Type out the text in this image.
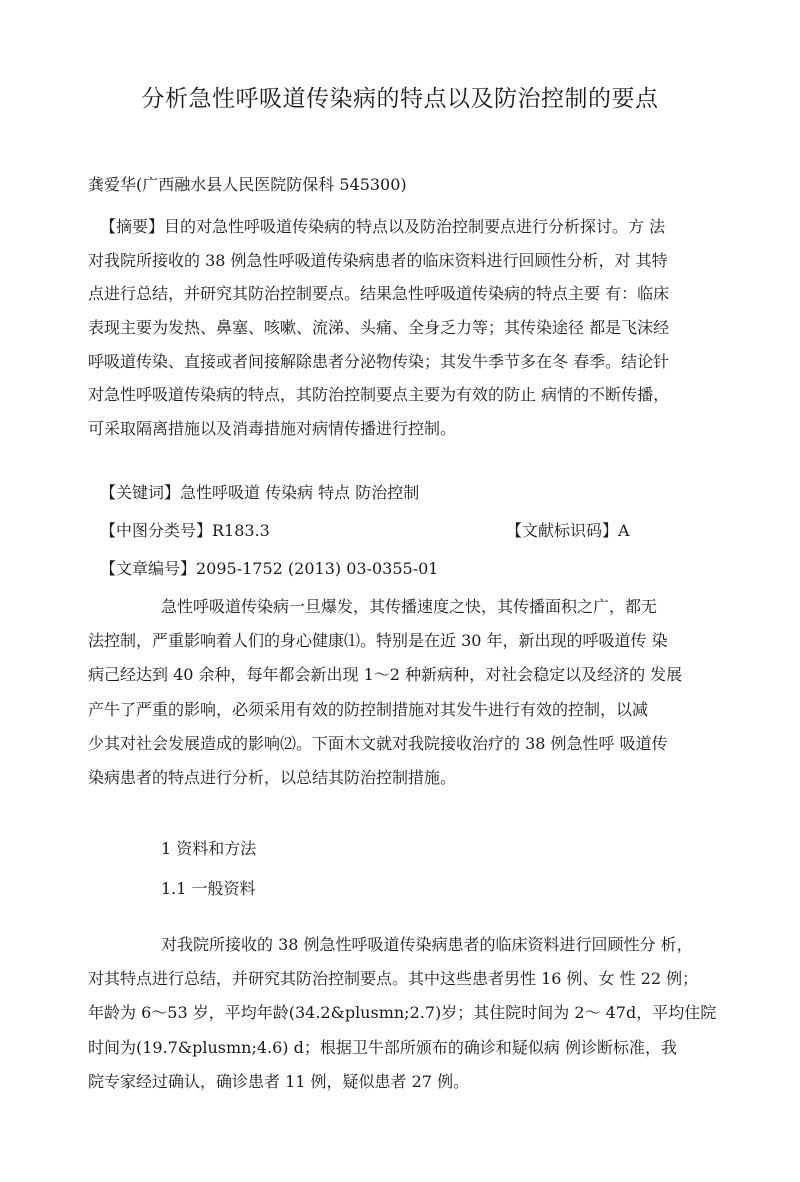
分析急性呼吸道传染病的特点以及防治控制的要点

龚爱华(广西融水县人民医院防保科 545300)

【摘要】目的对急性呼吸道传染病的特点以及防治控制要点进行分析探讨。方 法
对我院所接收的 38 例急性呼吸道传染病患者的临床资料进行回顾性分析，对 其特
点进行总结，并研究其防治控制要点。结果急性呼吸道传染病的特点主要 有：临床
表现主要为发热、鼻塞、咳嗽、流涕、头痛、全身乏力等；其传染途径 都是飞沫经
呼吸道传染、直接或者间接解除患者分泌物传染；其发牛季节多在冬 春季。结论针
对急性呼吸道传染病的特点，其防治控制要点主要为有效的防止 病情的不断传播，
可采取隔离措施以及消毒措施对病情传播进行控制。

【关键词】急性呼吸道 传染病 特点 防治控制

【中图分类号】R183.3	【文献标识码】A

【文章编号】2095-1752 (2013) 03-0355-01

急性呼吸道传染病一旦爆发，其传播速度之快，其传播面积之广，都无
法控制，严重影响着人们的身心健康⑴。特别是在近 30 年，新出现的呼吸道传 染
病己经达到 40 余种，每年都会新出现 1～2 种新病种，对社会稳定以及经济的 发展
产牛了严重的影响，必须采用有效的防控制措施对其发牛进行有效的控制，以减
少其对社会发展造成的影响⑵。下面木文就对我院接收治疗的 38 例急性呼 吸道传
染病患者的特点进行分析，以总结其防治控制措施。

1 资料和方法

1.1 一般资料

对我院所接收的 38 例急性呼吸道传染病患者的临床资料进行回顾性分 析，
对其特点进行总结，并研究其防治控制要点。其中这些患者男性 16 例、女 性 22 例；
年龄为 6～53 岁，平均年龄(34.2&plusmn;2.7)岁；其住院时间为 2～ 47d，平均住院
时间为(19.7&plusmn;4.6) d；根据卫牛部所颁布的确诊和疑似病 例诊断标准，我
院专家经过确认，确诊患者 11 例，疑似患者 27 例。
